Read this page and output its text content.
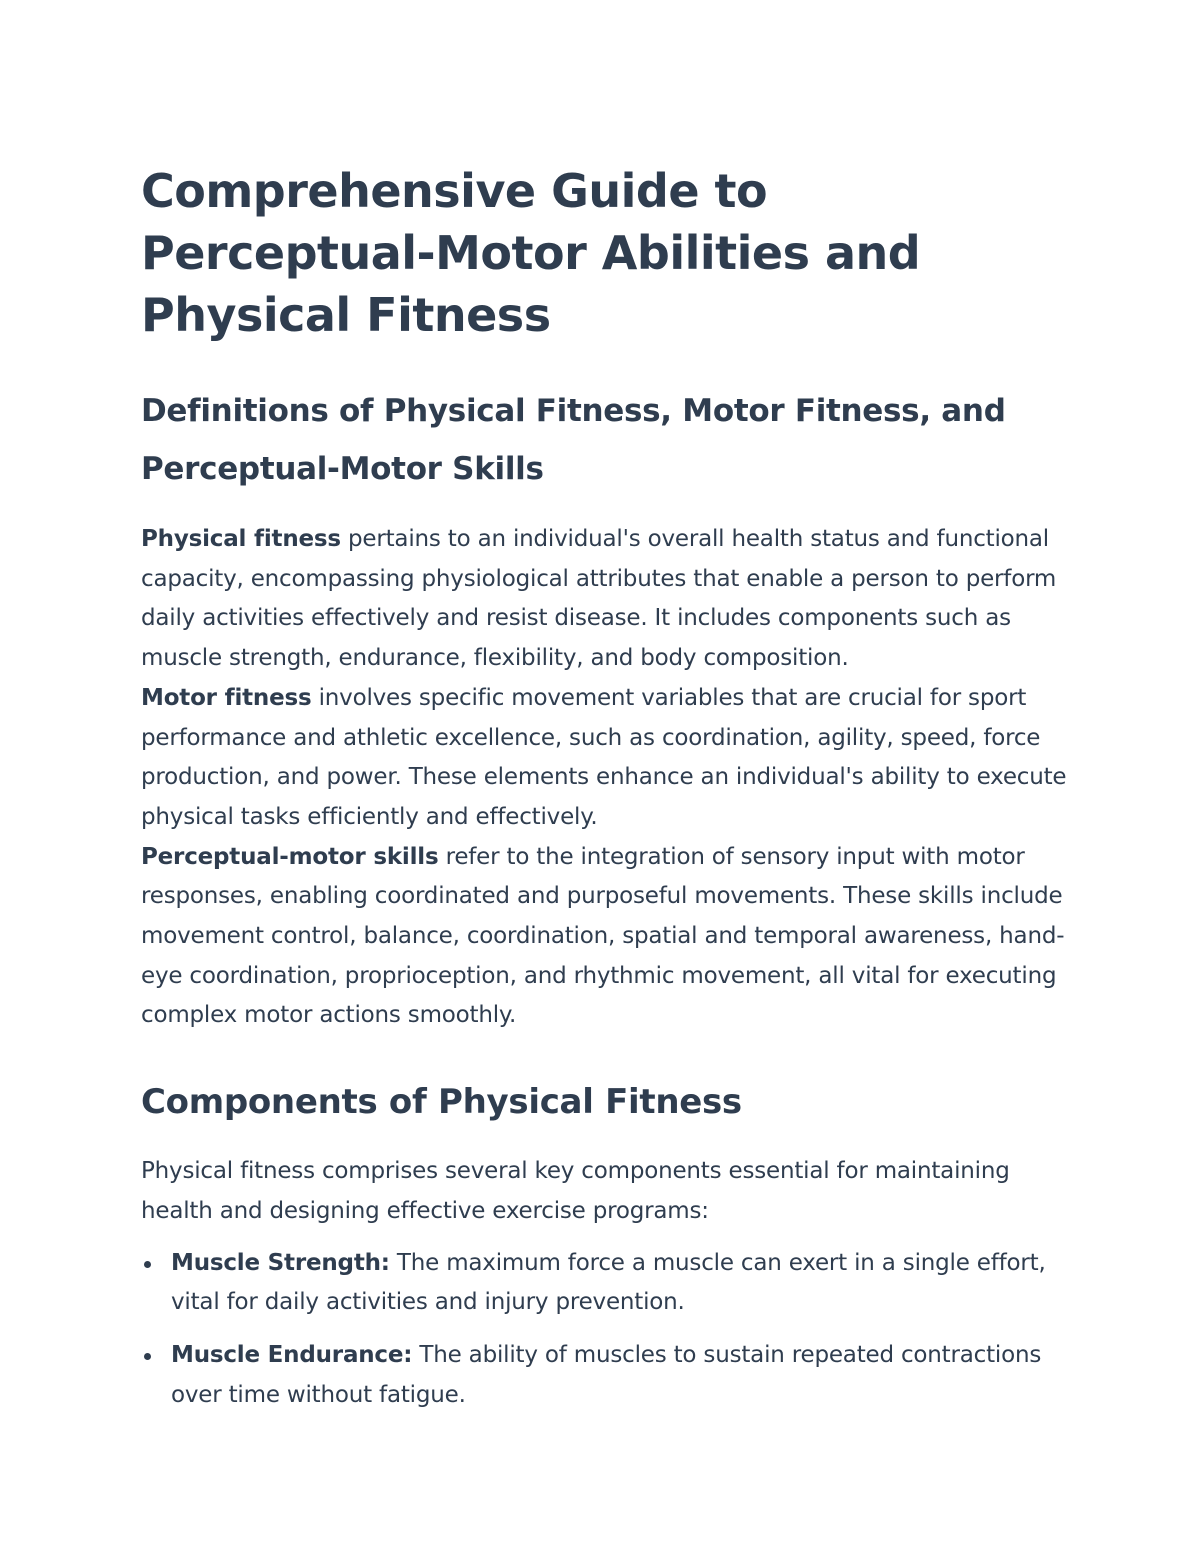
Comprehensive Guide to Perceptual-Motor Abilities and Physical Fitness
Definitions of Physical Fitness, Motor Fitness, and Perceptual-Motor Skills

Physical fitness pertains to an individual's overall health status and functional capacity, encompassing physiological attributes that enable a person to perform daily activities effectively and resist disease. It includes components such as muscle strength, endurance, flexibility, and body composition.

Motor fitness involves specific movement variables that are crucial for sport performance and athletic excellence, such as coordination, agility, speed, force production, and power. These elements enhance an individual's ability to execute physical tasks efficiently and effectively.

Perceptual-motor skills refer to the integration of sensory input with motor responses, enabling coordinated and purposeful movements. These skills include movement control, balance, coordination, spatial and temporal awareness, hand-eye coordination, proprioception, and rhythmic movement, all vital for executing complex motor actions smoothly.

Components of Physical Fitness

Physical fitness comprises several key components essential for maintaining health and designing effective exercise programs:

Muscle Strength: The maximum force a muscle can exert in a single effort, vital for daily activities and injury prevention.
Muscle Endurance: The ability of muscles to sustain repeated contractions over time without fatigue.
